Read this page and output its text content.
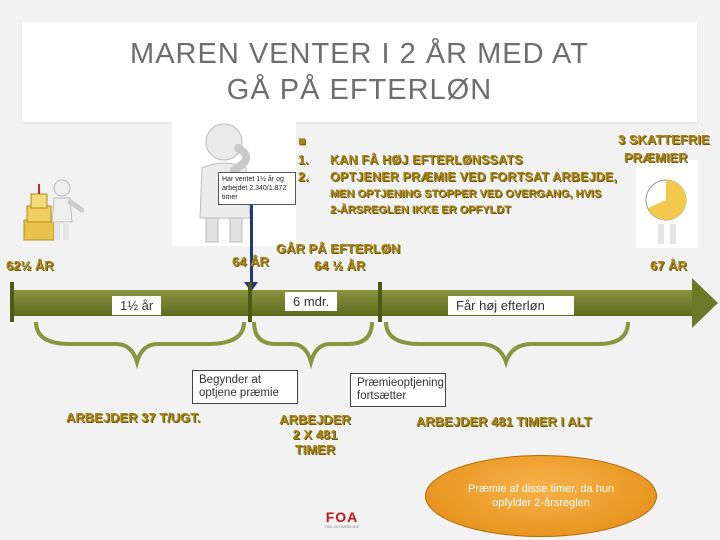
MAREN VENTER I 2 ÅR MED AT
GÅ PÅ EFTERLØN
Har ventet 1½ år og arbejdet 2.340/1.872 timer
■
1. KAN FÅ HØJ EFTERLØNSSATS
2. OPTJENER PRÆMIE VED FORTSAT ARBEJDE,
MEN OPTJENING STOPPER VED OVERGANG, HVIS
2-ÅRSREGLEN IKKE ER OPFYLDT
3 SKATTEFRIE
PRÆMIER
62½ ÅR	64 ÅR
GÅR PÅ EFTERLØN
64 ½ ÅR	67 ÅR
1½ år	6 mdr.	Får høj efterløn
Begynder at optjene præmie
Præmieoptjening fortsætter
ARBEJDER 37 T/UGT.	ARBEJDER
2 X 481 TIMER
ARBEJDER 481 TIMER I ALT
Præmie af disse timer, da hun opfylder 2-årsreglen
FOA
FAG OG ARBEJDE
